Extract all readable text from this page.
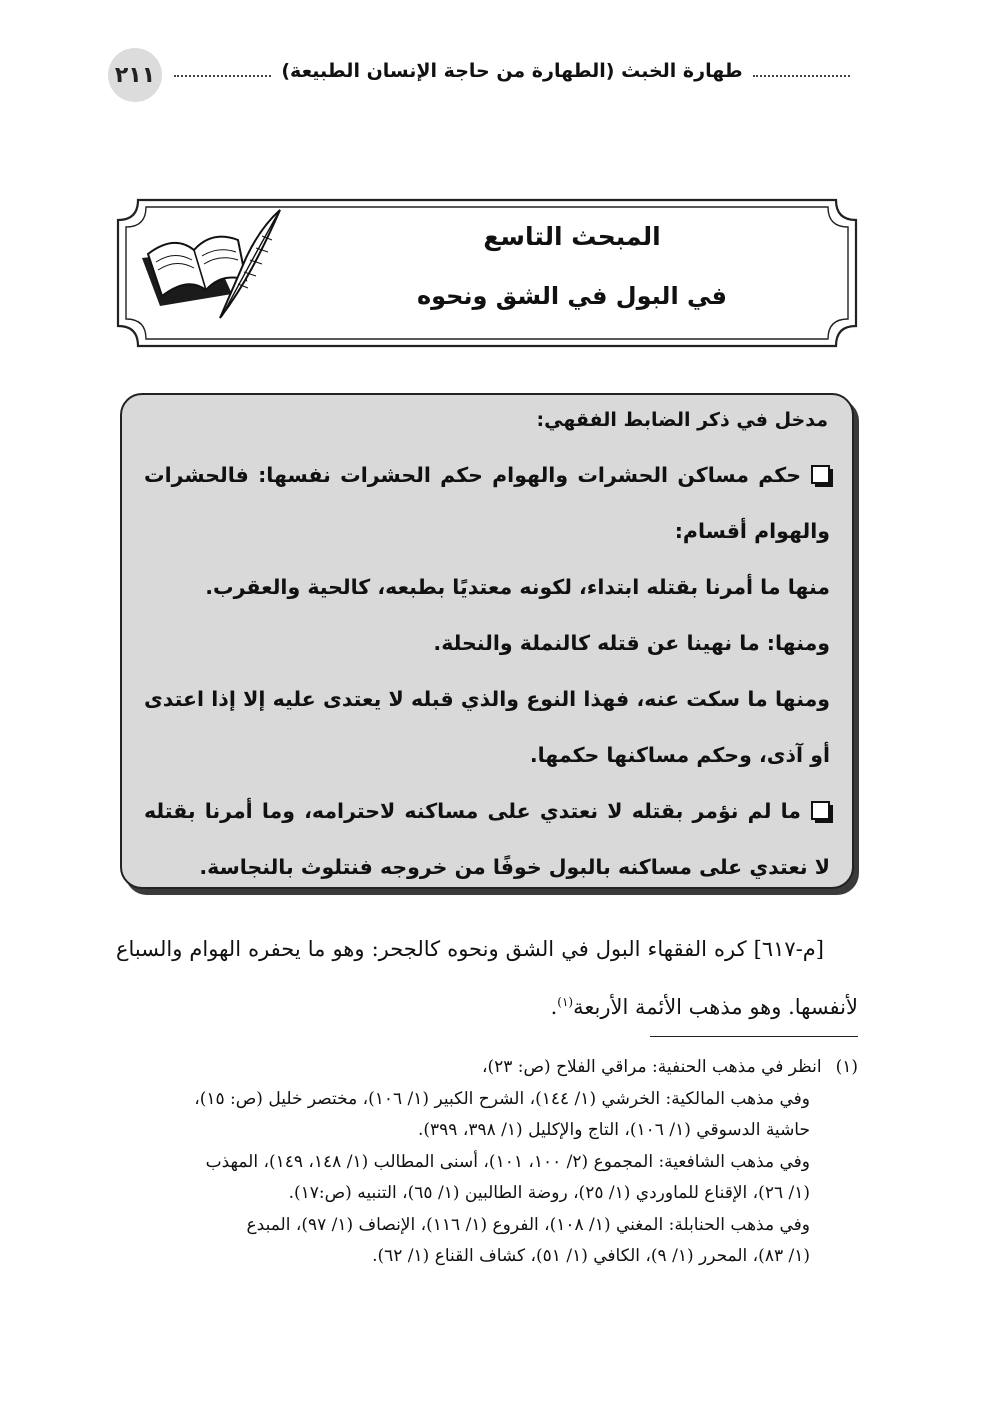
٢١١	طهارة الخبث (الطهارة من حاجة الإنسان الطبيعة)
المبحث التاسع
في البول في الشق ونحوه
مدخل في ذكر الضابط الفقهي:

حكم مساكن الحشرات والهوام حكم الحشرات نفسها: فالحشرات والهوام أقسام:

منها ما أمرنا بقتله ابتداء، لكونه معتديًا بطبعه، كالحية والعقرب.

ومنها: ما نهينا عن قتله كالنملة والنحلة.

ومنها ما سكت عنه، فهذا النوع والذي قبله لا يعتدى عليه إلا إذا اعتدى أو آذى، وحكم مساكنها حكمها.

ما لم نؤمر بقتله لا نعتدي على مساكنه لاحترامه، وما أمرنا بقتله لا نعتدي على مساكنه بالبول خوفًا من خروجه فنتلوث بالنجاسة.

[م-٦١٧] كره الفقهاء البول في الشق ونحوه كالجحر: وهو ما يحفره الهوام والسباع لأنفسها. وهو مذهب الأئمة الأربعة$^{(١)}$.

(١)انظر في مذهب الحنفية: مراقي الفلاح (ص: ٢٣)،
وفي مذهب المالكية: الخرشي (١/ ١٤٤)، الشرح الكبير (١/ ١٠٦)، مختصر خليل (ص: ١٥)،
حاشية الدسوقي (١/ ١٠٦)، التاج والإكليل (١/ ٣٩٨، ٣٩٩).
وفي مذهب الشافعية: المجموع (٢/ ١٠٠، ١٠١)، أسنى المطالب (١/ ١٤٨، ١٤٩)، المهذب
(١/ ٢٦)، الإقناع للماوردي (١/ ٢٥)، روضة الطالبين (١/ ٦٥)، التنبيه (ص:١٧).
وفي مذهب الحنابلة: المغني (١/ ١٠٨)، الفروع (١/ ١١٦)، الإنصاف (١/ ٩٧)، المبدع
(١/ ٨٣)، المحرر (١/ ٩)، الكافي (١/ ٥١)، كشاف القناع (١/ ٦٢).
